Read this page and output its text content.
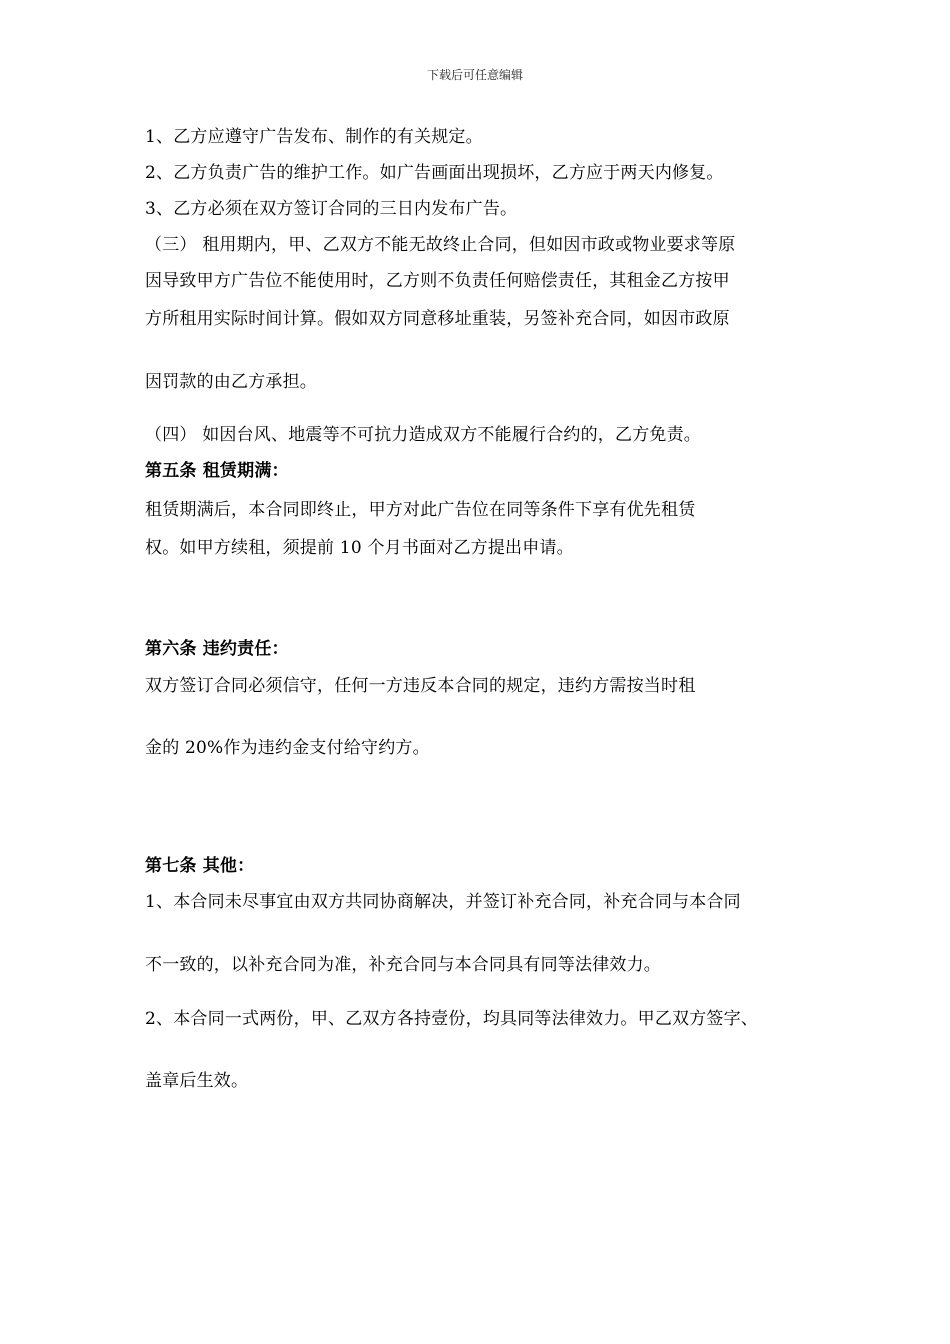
下载后可任意编辑
1、乙方应遵守广告发布、制作的有关规定。
2、乙方负责广告的维护工作。如广告画面出现损坏，乙方应于两天内修复。
3、乙方必须在双方签订合同的三日内发布广告。
（三） 租用期内，甲、乙双方不能无故终止合同，但如因市政或物业要求等原
因导致甲方广告位不能使用时，乙方则不负责任何赔偿责任，其租金乙方按甲
方所租用实际时间计算。假如双方同意移址重装，另签补充合同，如因市政原
因罚款的由乙方承担。
（四） 如因台风、地震等不可抗力造成双方不能履行合约的，乙方免责。
第五条 租赁期满：
租赁期满后，本合同即终止，甲方对此广告位在同等条件下享有优先租赁
权。如甲方续租，须提前 10 个月书面对乙方提出申请。
第六条 违约责任：
双方签订合同必须信守，任何一方违反本合同的规定，违约方需按当时租
金的 20%作为违约金支付给守约方。
第七条 其他：
1、本合同未尽事宜由双方共同协商解决，并签订补充合同，补充合同与本合同
不一致的，以补充合同为准，补充合同与本合同具有同等法律效力。
2、本合同一式两份，甲、乙双方各持壹份，均具同等法律效力。甲乙双方签字、
盖章后生效。
